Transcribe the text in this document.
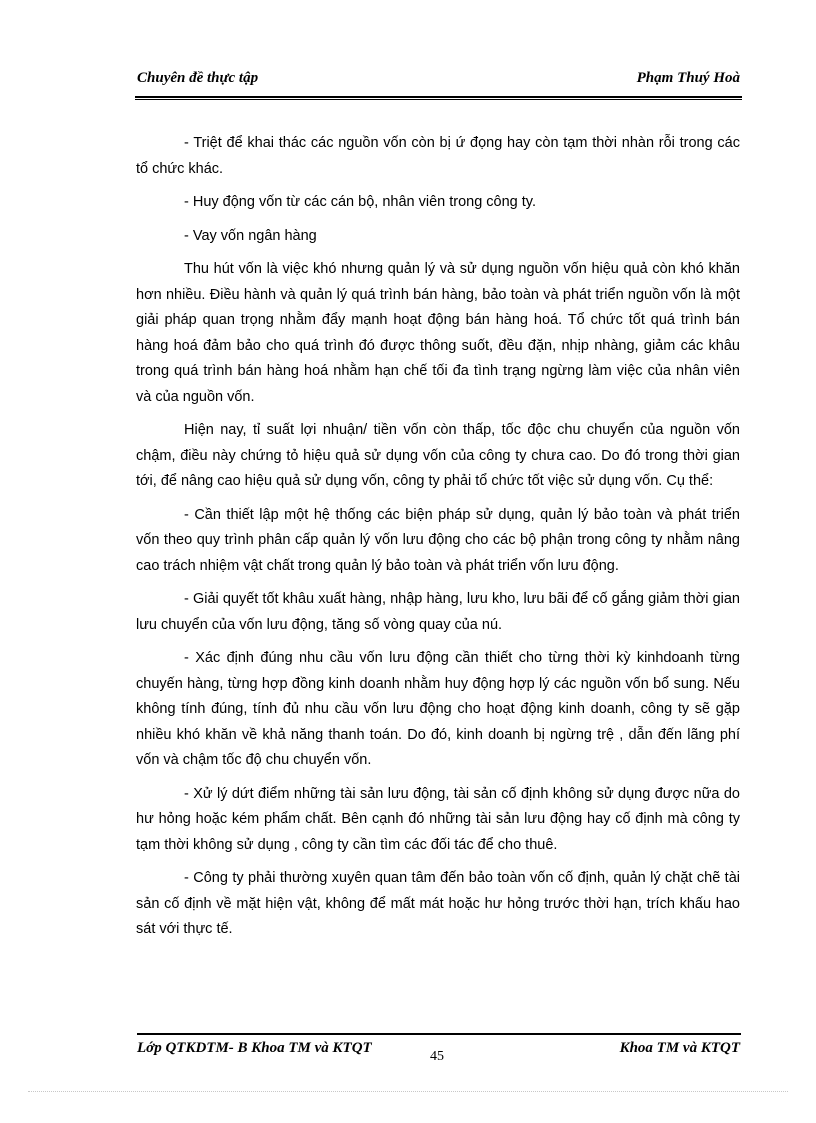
Chuyên đề thực tập	Phạm Thuý Hoà

- Triệt để khai thác các nguồn vốn còn bị ứ đọng hay còn tạm thời nhàn rỗi trong các tổ chức khác.

- Huy động vốn từ các cán bộ, nhân viên trong công ty.

- Vay vốn ngân hàng

Thu hút vốn là việc khó nhưng quản lý và sử dụng nguồn vốn hiệu quả còn khó khăn hơn nhiều. Điều hành và quản lý quá trình bán hàng, bảo toàn và phát triển nguồn vốn là một giải pháp quan trọng nhằm đẩy mạnh hoạt động bán hàng hoá. Tổ chức tốt quá trình bán hàng hoá đảm bảo cho quá trình đó được thông suốt, đều đặn, nhịp nhàng, giảm các khâu trong quá trình bán hàng hoá nhằm hạn chế tối đa tình trạng ngừng làm việc của nhân viên và của nguồn vốn.

Hiện nay, tỉ suất lợi nhuận/ tiền vốn còn thấp, tốc độc chu chuyển của nguồn vốn chậm, điều này chứng tỏ hiệu quả sử dụng vốn của công ty chưa cao. Do đó trong thời gian tới, để nâng cao hiệu quả sử dụng vốn, công ty phải tổ chức tốt việc sử dụng vốn. Cụ thể:

- Cần thiết lập một hệ thống các biện pháp sử dụng, quản lý bảo toàn và phát triển vốn theo quy trình phân cấp quản lý vốn lưu động cho các bộ phận trong công ty nhằm nâng cao trách nhiệm vật chất trong quản lý bảo toàn và phát triển vốn lưu động.

- Giải quyết tốt khâu xuất hàng, nhập hàng, lưu kho, lưu bãi để cố gắng giảm thời gian lưu chuyển của vốn lưu động, tăng số vòng quay của nú.

- Xác định đúng nhu cầu vốn lưu động cần thiết cho từng thời kỳ kinhdoanh từng chuyến hàng, từng hợp đồng kinh doanh nhằm huy động hợp lý các nguồn vốn bổ sung. Nếu không tính đúng, tính đủ nhu cầu vốn lưu động cho hoạt động kinh doanh, công ty sẽ gặp nhiều khó khăn về khả năng thanh toán. Do đó, kinh doanh bị ngừng trệ , dẫn đến lãng phí vốn và chậm tốc độ chu chuyển vốn.

- Xử lý dứt điểm những tài sản lưu động, tài sản cố định không sử dụng được nữa do hư hỏng hoặc kém phẩm chất. Bên cạnh đó những tài sản lưu động hay cố định mà công ty tạm thời không sử dụng , công ty cần tìm các đối tác để cho thuê.

- Công ty phải thường xuyên quan tâm đến bảo toàn vốn cố định, quản lý chặt chẽ tài sản cố định về mặt hiện vật, không để mất mát hoặc hư hỏng trước thời hạn, trích khấu hao sát với thực tế.

Lớp QTKDTM- B Khoa TM và KTQT
45
Khoa TM và KTQT
